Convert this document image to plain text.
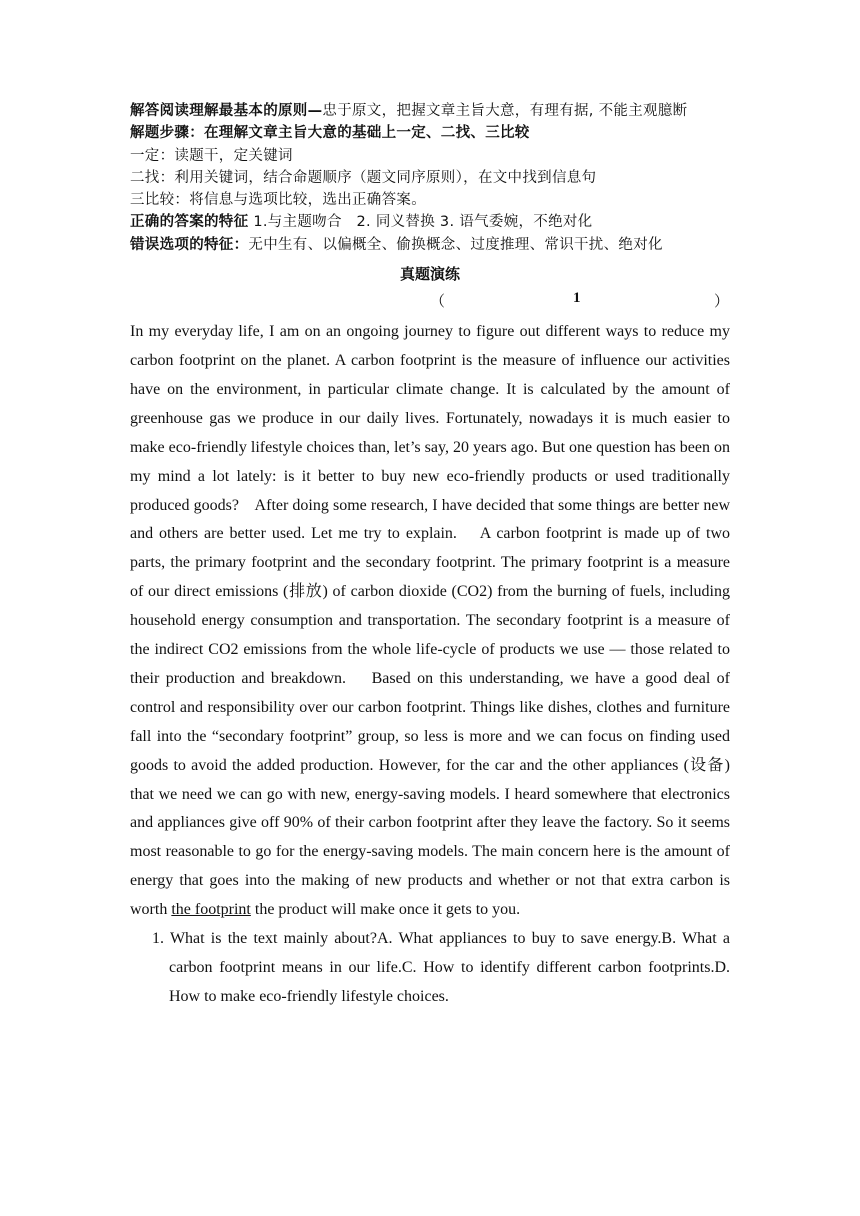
解答阅读理解最基本的原则—忠于原文，把握文章主旨大意，有理有据, 不能主观臆断
解题步骤：在理解文章主旨大意的基础上一定、二找、三比较
一定：读题干，定关键词
二找：利用关键词，结合命题顺序（题文同序原则），在文中找到信息句
三比较：将信息与选项比较，选出正确答案。
正确的答案的特征 1.与主题吻合   2. 同义替换 3. 语气委婉，不绝对化
错误选项的特征：无中生有、以偏概全、偷换概念、过度推理、常识干扰、绝对化
真题演练
（	1	）
In my everyday life, I am on an ongoing journey to figure out different ways to reduce my carbon footprint on the planet. A carbon footprint is the measure of influence our activities have on the environment, in particular climate change. It is calculated by the amount of greenhouse gas we produce in our daily lives. Fortunately, nowadays it is much easier to make eco-friendly lifestyle choices than, let’s say, 20 years ago. But one question has been on my mind a lot lately: is it better to buy new eco-friendly products or used traditionally produced goods?    After doing some research, I have decided that some things are better new and others are better used. Let me try to explain.    A carbon footprint is made up of two parts, the primary footprint and the secondary footprint. The primary footprint is a measure of our direct emissions (排放) of carbon dioxide (CO2) from the burning of fuels, including household energy consumption and transportation. The secondary footprint is a measure of the indirect CO2 emissions from the whole life-cycle of products we use — those related to their production and breakdown.    Based on this understanding, we have a good deal of control and responsibility over our carbon footprint. Things like dishes, clothes and furniture fall into the “secondary footprint” group, so less is more and we can focus on finding used goods to avoid the added production. However, for the car and the other appliances (设备) that we need we can go with new, energy-saving models. I heard somewhere that electronics and appliances give off 90% of their carbon footprint after they leave the factory. So it seems most reasonable to go for the energy-saving models. The main concern here is the amount of energy that goes into the making of new products and whether or not that extra carbon is worth the footprint the product will make once it gets to you.
1. What is the text mainly about?A. What appliances to buy to save energy.B. What a carbon footprint means in our life.C. How to identify different carbon footprints.D. How to make eco-friendly lifestyle choices.
